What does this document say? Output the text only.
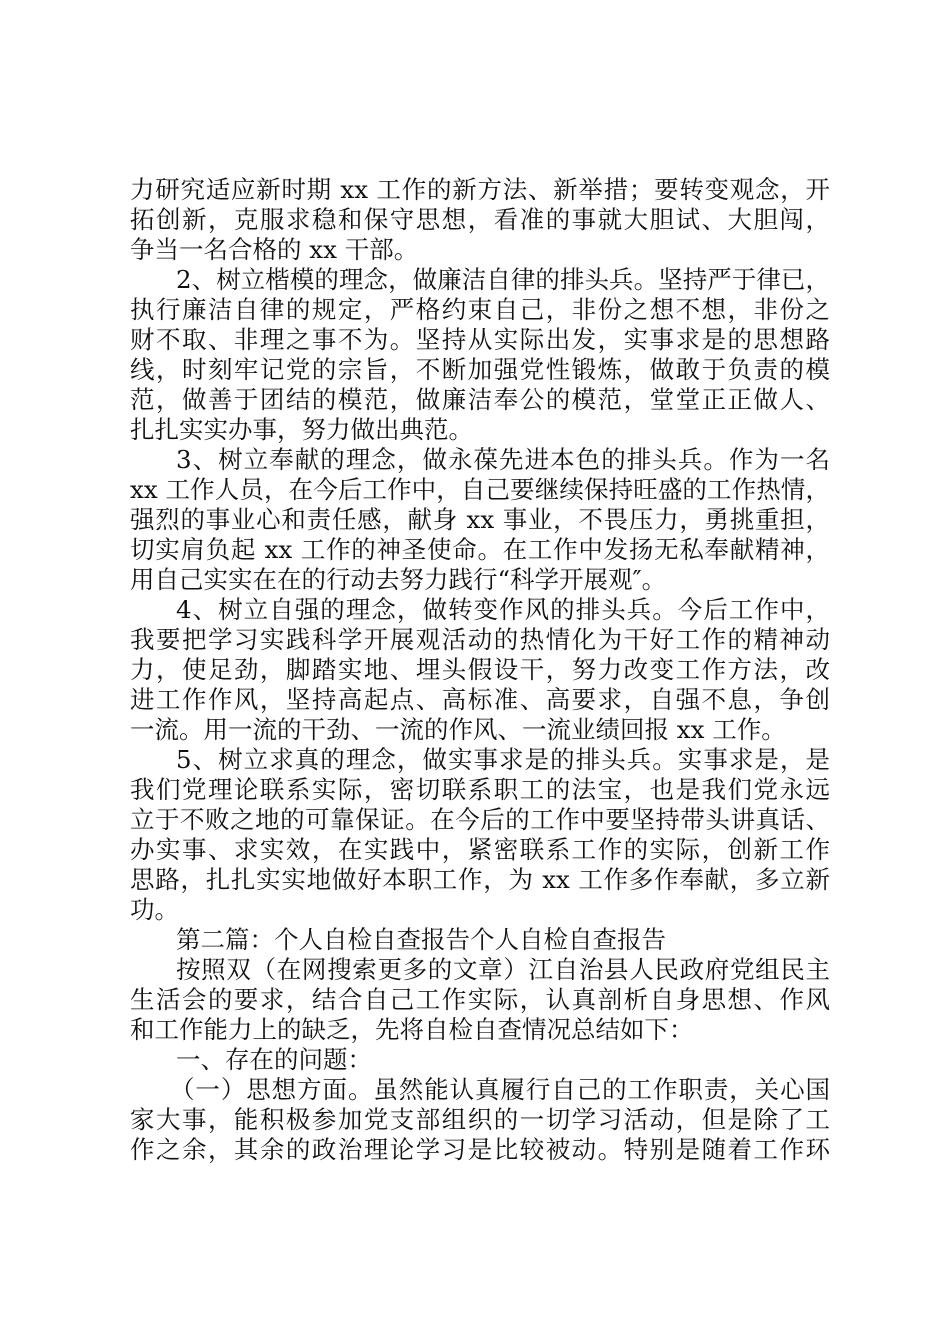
力研究适应新时期 xx 工作的新方法、新举措；要转变观念，开
拓创新，克服求稳和保守思想，看准的事就大胆试、大胆闯，
争当一名合格的 xx 干部。
2、树立楷模的理念，做廉洁自律的排头兵。坚持严于律已，
执行廉洁自律的规定，严格约束自己，非份之想不想，非份之
财不取、非理之事不为。坚持从实际出发，实事求是的思想路
线，时刻牢记党的宗旨，不断加强党性锻炼，做敢于负责的模
范，做善于团结的模范，做廉洁奉公的模范，堂堂正正做人、
扎扎实实办事，努力做出典范。
3、树立奉献的理念，做永葆先进本色的排头兵。作为一名
xx 工作人员，在今后工作中，自己要继续保持旺盛的工作热情，
强烈的事业心和责任感，献身 xx 事业，不畏压力，勇挑重担，
切实肩负起 xx 工作的神圣使命。在工作中发扬无私奉献精神，
用自己实实在在的行动去努力践行“科学开展观″。
4、树立自强的理念，做转变作风的排头兵。今后工作中，
我要把学习实践科学开展观活动的热情化为干好工作的精神动
力，使足劲，脚踏实地、埋头假设干，努力改变工作方法，改
进工作作风，坚持高起点、高标准、高要求，自强不息，争创
一流。用一流的干劲、一流的作风、一流业绩回报 xx 工作。
5、树立求真的理念，做实事求是的排头兵。实事求是，是
我们党理论联系实际，密切联系职工的法宝，也是我们党永远
立于不败之地的可靠保证。在今后的工作中要坚持带头讲真话、
办实事、求实效，在实践中，紧密联系工作的实际，创新工作
思路，扎扎实实地做好本职工作，为 xx 工作多作奉献，多立新
功。
第二篇：个人自检自查报告个人自检自查报告
按照双（在网搜索更多的文章）江自治县人民政府党组民主
生活会的要求，结合自己工作实际，认真剖析自身思想、作风
和工作能力上的缺乏，先将自检自查情况总结如下：
一、存在的问题：
（一）思想方面。虽然能认真履行自己的工作职责，关心国
家大事，能积极参加党支部组织的一切学习活动，但是除了工
作之余，其余的政治理论学习是比较被动。特别是随着工作环
